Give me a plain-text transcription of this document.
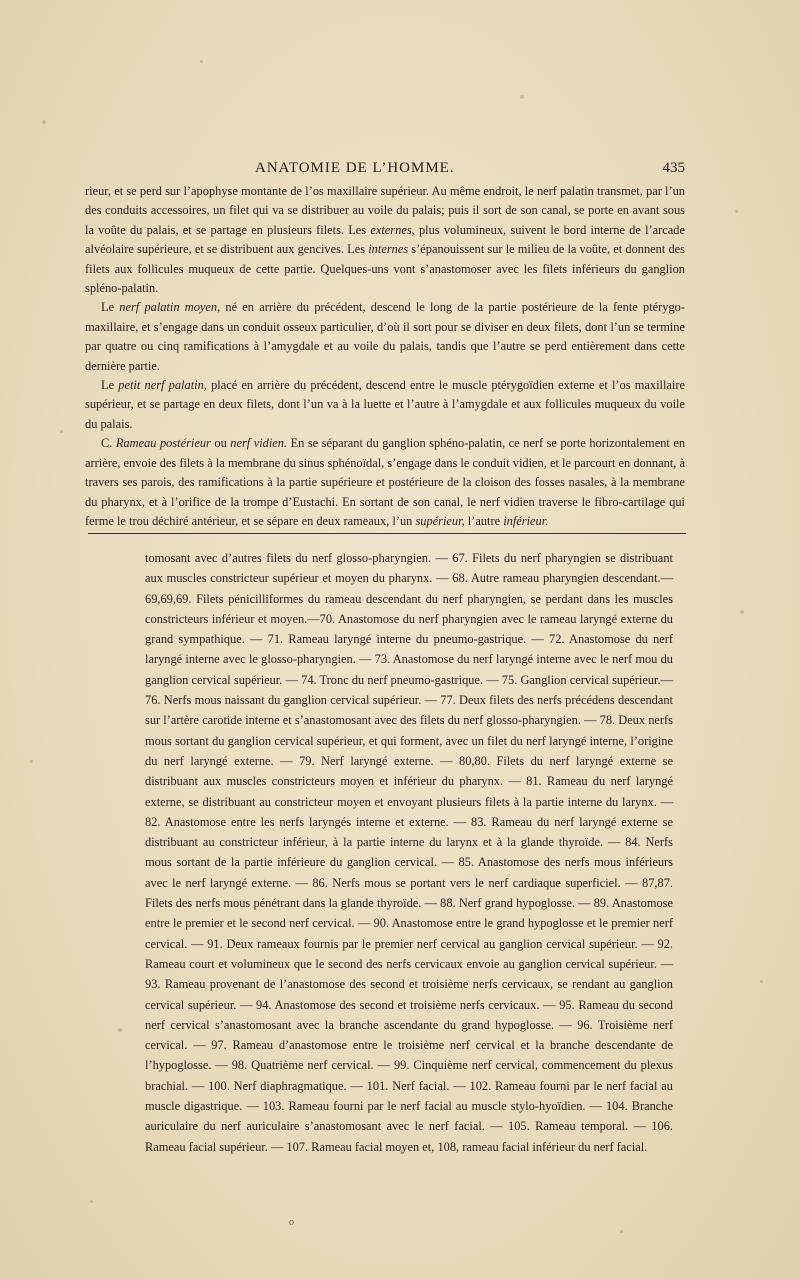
ANATOMIE DE L’HOMME.	435

rieur, et se perd sur l’apophyse montante de l’os maxillaire supérieur. Au même endroit, le nerf palatin transmet, par l’un des conduits accessoires, un filet qui va se distribuer au voile du palais; puis il sort de son canal, se porte en avant sous la voûte du palais, et se partage en plusieurs filets. Les externes, plus volumineux, suivent le bord interne de l’arcade alvéolaire supérieure, et se distribuent aux gencives. Les internes s’épanouissent sur le milieu de la voûte, et donnent des filets aux follicules muqueux de cette partie. Quelques-uns vont s’anastomoser avec les filets inférieurs du ganglion spléno-palatin.

Le nerf palatin moyen, né en arrière du précédent, descend le long de la partie postérieure de la fente ptérygo-maxillaire, et s’engage dans un conduit osseux particulier, d’où il sort pour se diviser en deux filets, dont l’un se termine par quatre ou cinq ramifications à l’amygdale et au voile du palais, tandis que l’autre se perd entièrement dans cette dernière partie.

Le petit nerf palatin, placé en arrière du précédent, descend entre le muscle ptérygoïdien externe et l’os maxillaire supérieur, et se partage en deux filets, dont l’un va à la luette et l’autre à l’amygdale et aux follicules muqueux du voile du palais.

C. Rameau postérieur ou nerf vidien. En se séparant du ganglion sphéno-palatin, ce nerf se porte horizontalement en arrière, envoie des filets à la membrane du sinus sphénoïdal, s’engage dans le conduit vidien, et le parcourt en donnant, à travers ses parois, des ramifications à la partie supérieure et postérieure de la cloison des fosses nasales, à la membrane du pharynx, et à l’orifice de la trompe d’Eustachi. En sortant de son canal, le nerf vidien traverse le fibro-cartilage qui ferme le trou déchiré antérieur, et se sépare en deux rameaux, l’un supérieur, l’autre inférieur.

tomosant avec d’autres filets du nerf glosso-pharyngien. — 67. Filets du nerf pharyngien se distribuant aux muscles constricteur supérieur et moyen du pharynx. — 68. Autre rameau pharyngien descendant.— 69,69,69. Filets pénicilliformes du rameau descendant du nerf pharyngien, se perdant dans les muscles constricteurs inférieur et moyen.—70. Anastomose du nerf pharyngien avec le rameau laryngé externe du grand sympathique. — 71. Rameau laryngé interne du pneumo-gastrique. — 72. Anastomose du nerf laryngé interne avec le glosso-pharyngien. — 73. Anastomose du nerf laryngé interne avec le nerf mou du ganglion cervical supérieur. — 74. Tronc du nerf pneumo-gastrique. — 75. Ganglion cervical supérieur.— 76. Nerfs mous naissant du ganglion cervical supérieur. — 77. Deux filets des nerfs précédens descendant sur l’artère carotide interne et s’anastomosant avec des filets du nerf glosso-pharyngien. — 78. Deux nerfs mous sortant du ganglion cervical supérieur, et qui forment, avec un filet du nerf laryngé interne, l’origine du nerf laryngé externe. — 79. Nerf laryngé externe. — 80,80. Filets du nerf laryngé externe se distribuant aux muscles constricteurs moyen et inférieur du pharynx. — 81. Rameau du nerf laryngé externe, se distribuant au constricteur moyen et envoyant plusieurs filets à la partie interne du larynx. — 82. Anastomose entre les nerfs laryngés interne et externe. — 83. Rameau du nerf laryngé externe se distribuant au constricteur inférieur, à la partie interne du larynx et à la glande thyroïde. — 84. Nerfs mous sortant de la partie inférieure du ganglion cervical. — 85. Anastomose des nerfs mous inférieurs avec le nerf laryngé externe. — 86. Nerfs mous se portant vers le nerf cardiaque superficiel. — 87,87. Filets des nerfs mous pénétrant dans la glande thyroïde. — 88. Nerf grand hypoglosse. — 89. Anastomose entre le premier et le second nerf cervical. — 90. Anastomose entre le grand hypoglosse et le premier nerf cervical. — 91. Deux rameaux fournis par le premier nerf cervical au ganglion cervical supérieur. — 92. Rameau court et volumineux que le second des nerfs cervicaux envoie au ganglion cervical supérieur. — 93. Rameau provenant de l’anastomose des second et troisième nerfs cervicaux, se rendant au ganglion cervical supérieur. — 94. Anastomose des second et troisième nerfs cervicaux. — 95. Rameau du second nerf cervical s’anastomosant avec la branche ascendante du grand hypoglosse. — 96. Troisième nerf cervical. — 97. Rameau d’anastomose entre le troisième nerf cervical et la branche descendante de l’hypoglosse. — 98. Quatrième nerf cervical. — 99. Cinquième nerf cervical, commencement du plexus brachial. — 100. Nerf diaphragmatique. — 101. Nerf facial. — 102. Rameau fourni par le nerf facial au muscle digastrique. — 103. Rameau fourni par le nerf facial au muscle stylo-hyoïdien. — 104. Branche auriculaire du nerf auriculaire s’anastomosant avec le nerf facial. — 105. Rameau temporal. — 106. Rameau facial supérieur. — 107. Rameau facial moyen et, 108, rameau facial inférieur du nerf facial.

o
